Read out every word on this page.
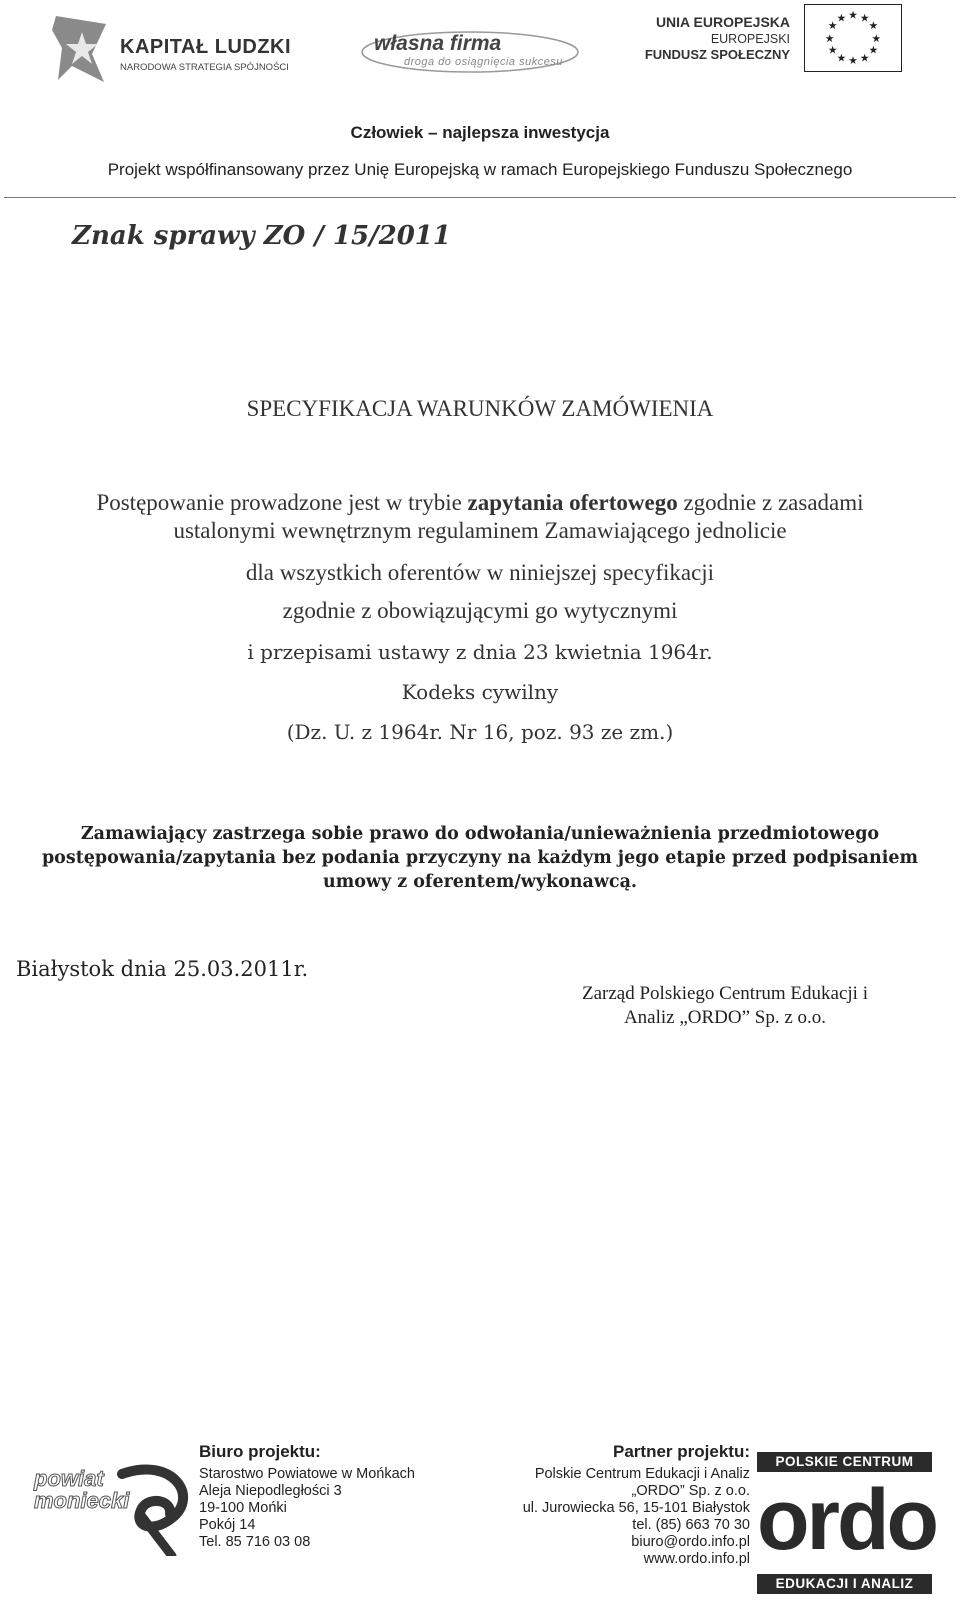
KAPITAŁ LUDZKI
NARODOWA STRATEGIA SPÓJNOŚCI
własna firma
droga do osiągnięcia sukcesu
UNIA EUROPEJSKA
EUROPEJSKI
FUNDUSZ SPOŁECZNY
★ ★
★
★
★
★
★
★
★
★
★
★
Człowiek – najlepsza inwestycja
Projekt współfinansowany przez Unię Europejską w ramach Europejskiego Funduszu Społecznego
Znak sprawy ZO / 15/2011
SPECYFIKACJA WARUNKÓW ZAMÓWIENIA
Postępowanie prowadzone jest w trybie zapytania ofertowego zgodnie z zasadami
ustalonymi wewnętrznym regulaminem Zamawiającego jednolicie
dla wszystkich oferentów w niniejszej specyfikacji
zgodnie z obowiązującymi go wytycznymi
i przepisami ustawy z dnia 23 kwietnia 1964r.
Kodeks cywilny
(Dz. U. z 1964r. Nr 16, poz. 93 ze zm.)
Zamawiający zastrzega sobie prawo do odwołania/unieważnienia przedmiotowego postępowania/zapytania bez podania przyczyny na każdym jego etapie przed podpisaniem umowy z oferentem/wykonawcą.
Białystok dnia 25.03.2011r.
Zarząd Polskiego Centrum Edukacji i
Analiz „ORDO” Sp. z o.o.
powiat
moniecki
Biuro projektu:
Starostwo Powiatowe w Mońkach
Aleja Niepodległości 3
19-100 Mońki
Pokój 14
Tel. 85 716 03 08
Partner projektu:
Polskie Centrum Edukacji i Analiz
„ORDO” Sp. z o.o.
ul. Jurowiecka 56, 15-101 Białystok
tel. (85) 663 70 30
biuro@ordo.info.pl
www.ordo.info.pl
POLSKIE CENTRUM
ordo
EDUKACJI I ANALIZ
